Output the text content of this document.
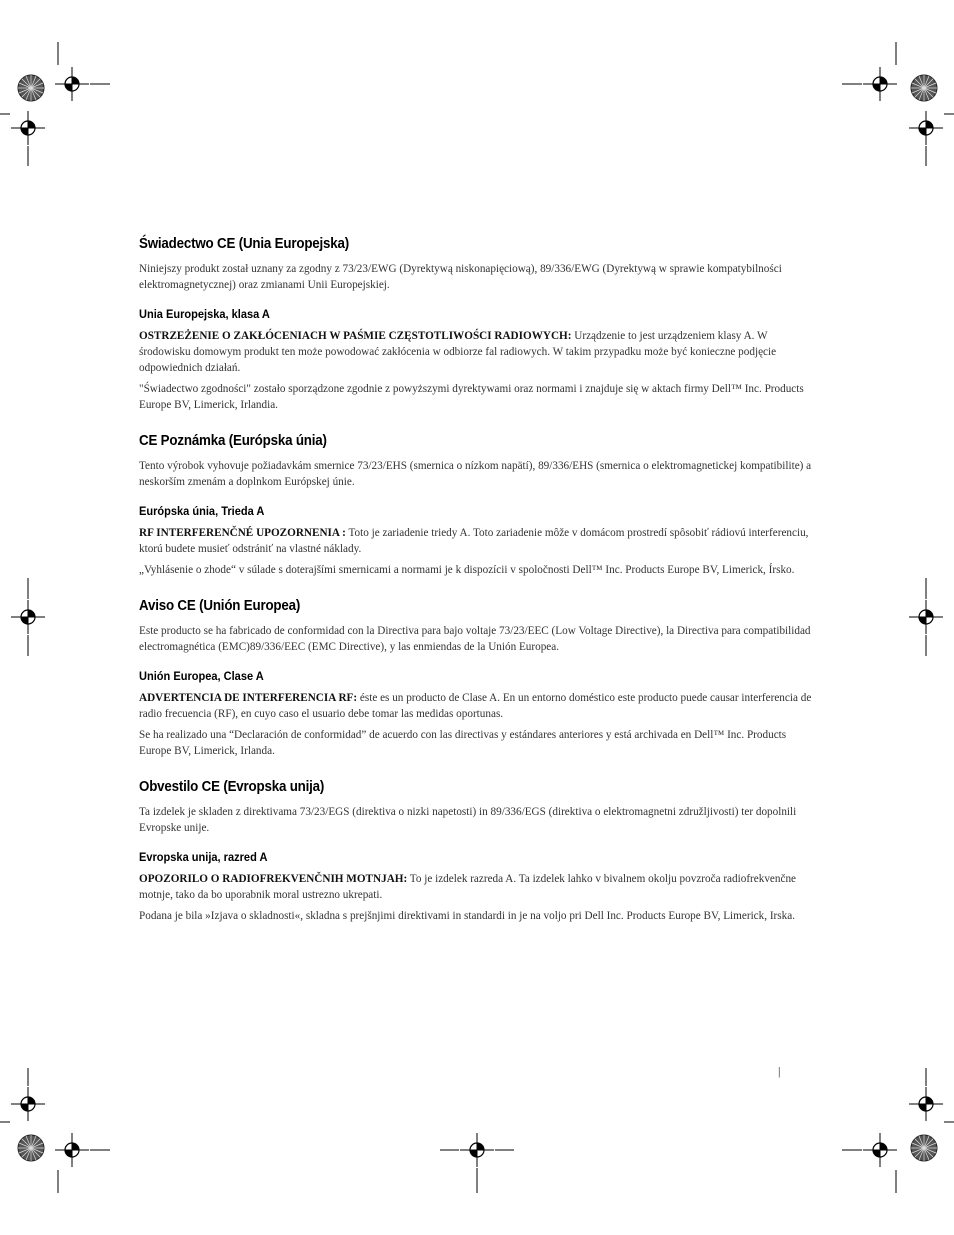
Świadectwo CE (Unia Europejska)

Niniejszy produkt został uznany za zgodny z 73/23/EWG (Dyrektywą niskonapięciową), 89/336/EWG (Dyrektywą w sprawie kompatybilności elektromagnetycznej) oraz zmianami Unii Europejskiej.

Unia Europejska, klasa A

OSTRZEŻENIE O ZAKŁÓCENIACH W PAŚMIE CZĘSTOTLIWOŚCI RADIOWYCH: Urządzenie to jest urządzeniem klasy A. W środowisku domowym produkt ten może powodować zakłócenia w odbiorze fal radiowych. W takim przypadku może być konieczne podjęcie odpowiednich działań.

"Świadectwo zgodności" zostało sporządzone zgodnie z powyższymi dyrektywami oraz normami i znajduje się w aktach firmy Dell™ Inc. Products Europe BV, Limerick, Irlandia.

CE Poznámka (Európska únia)

Tento výrobok vyhovuje požiadavkám smernice 73/23/EHS (smernica o nízkom napätí), 89/336/EHS (smernica o elektromagnetickej kompatibilite) a neskorším zmenám a doplnkom Európskej únie.

Európska únia, Trieda A

RF INTERFERENČNÉ UPOZORNENIA : Toto je zariadenie triedy A. Toto zariadenie môže v domácom prostredí spôsobiť rádiovú interferenciu, ktorú budete musieť odstrániť na vlastné náklady.

„Vyhlásenie o zhode“ v súlade s doterajšími smernicami a normami je k dispozícii v spoločnosti Dell™ Inc. Products Europe BV, Limerick, Írsko.

Aviso CE (Unión Europea)

Este producto se ha fabricado de conformidad con la Directiva para bajo voltaje 73/23/EEC (Low Voltage Directive), la Directiva para compatibilidad electromagnética (EMC)89/336/EEC (EMC Directive), y las enmiendas de la Unión Europea.

Unión Europea, Clase A

ADVERTENCIA DE INTERFERENCIA RF: éste es un producto de Clase A. En un entorno doméstico este producto puede causar interferencia de radio frecuencia (RF), en cuyo caso el usuario debe tomar las medidas oportunas.

Se ha realizado una “Declaración de conformidad” de acuerdo con las directivas y estándares anteriores y está archivada en Dell™ Inc. Products Europe BV, Limerick, Irlanda.

Obvestilo CE (Evropska unija)

Ta izdelek je skladen z direktivama 73/23/EGS (direktiva o nizki napetosti) in 89/336/EGS (direktiva o elektromagnetni združljivosti) ter dopolnili Evropske unije.

Evropska unija, razred A

OPOZORILO O RADIOFREKVENČNIH MOTNJAH: To je izdelek razreda A. Ta izdelek lahko v bivalnem okolju povzroča radiofrekvenčne motnje, tako da bo uporabnik moral ustrezno ukrepati.

Podana je bila »Izjava o skladnosti«, skladna s prejšnjimi direktivami in standardi in je na voljo pri Dell Inc. Products Europe BV, Limerick, Irska.

|
